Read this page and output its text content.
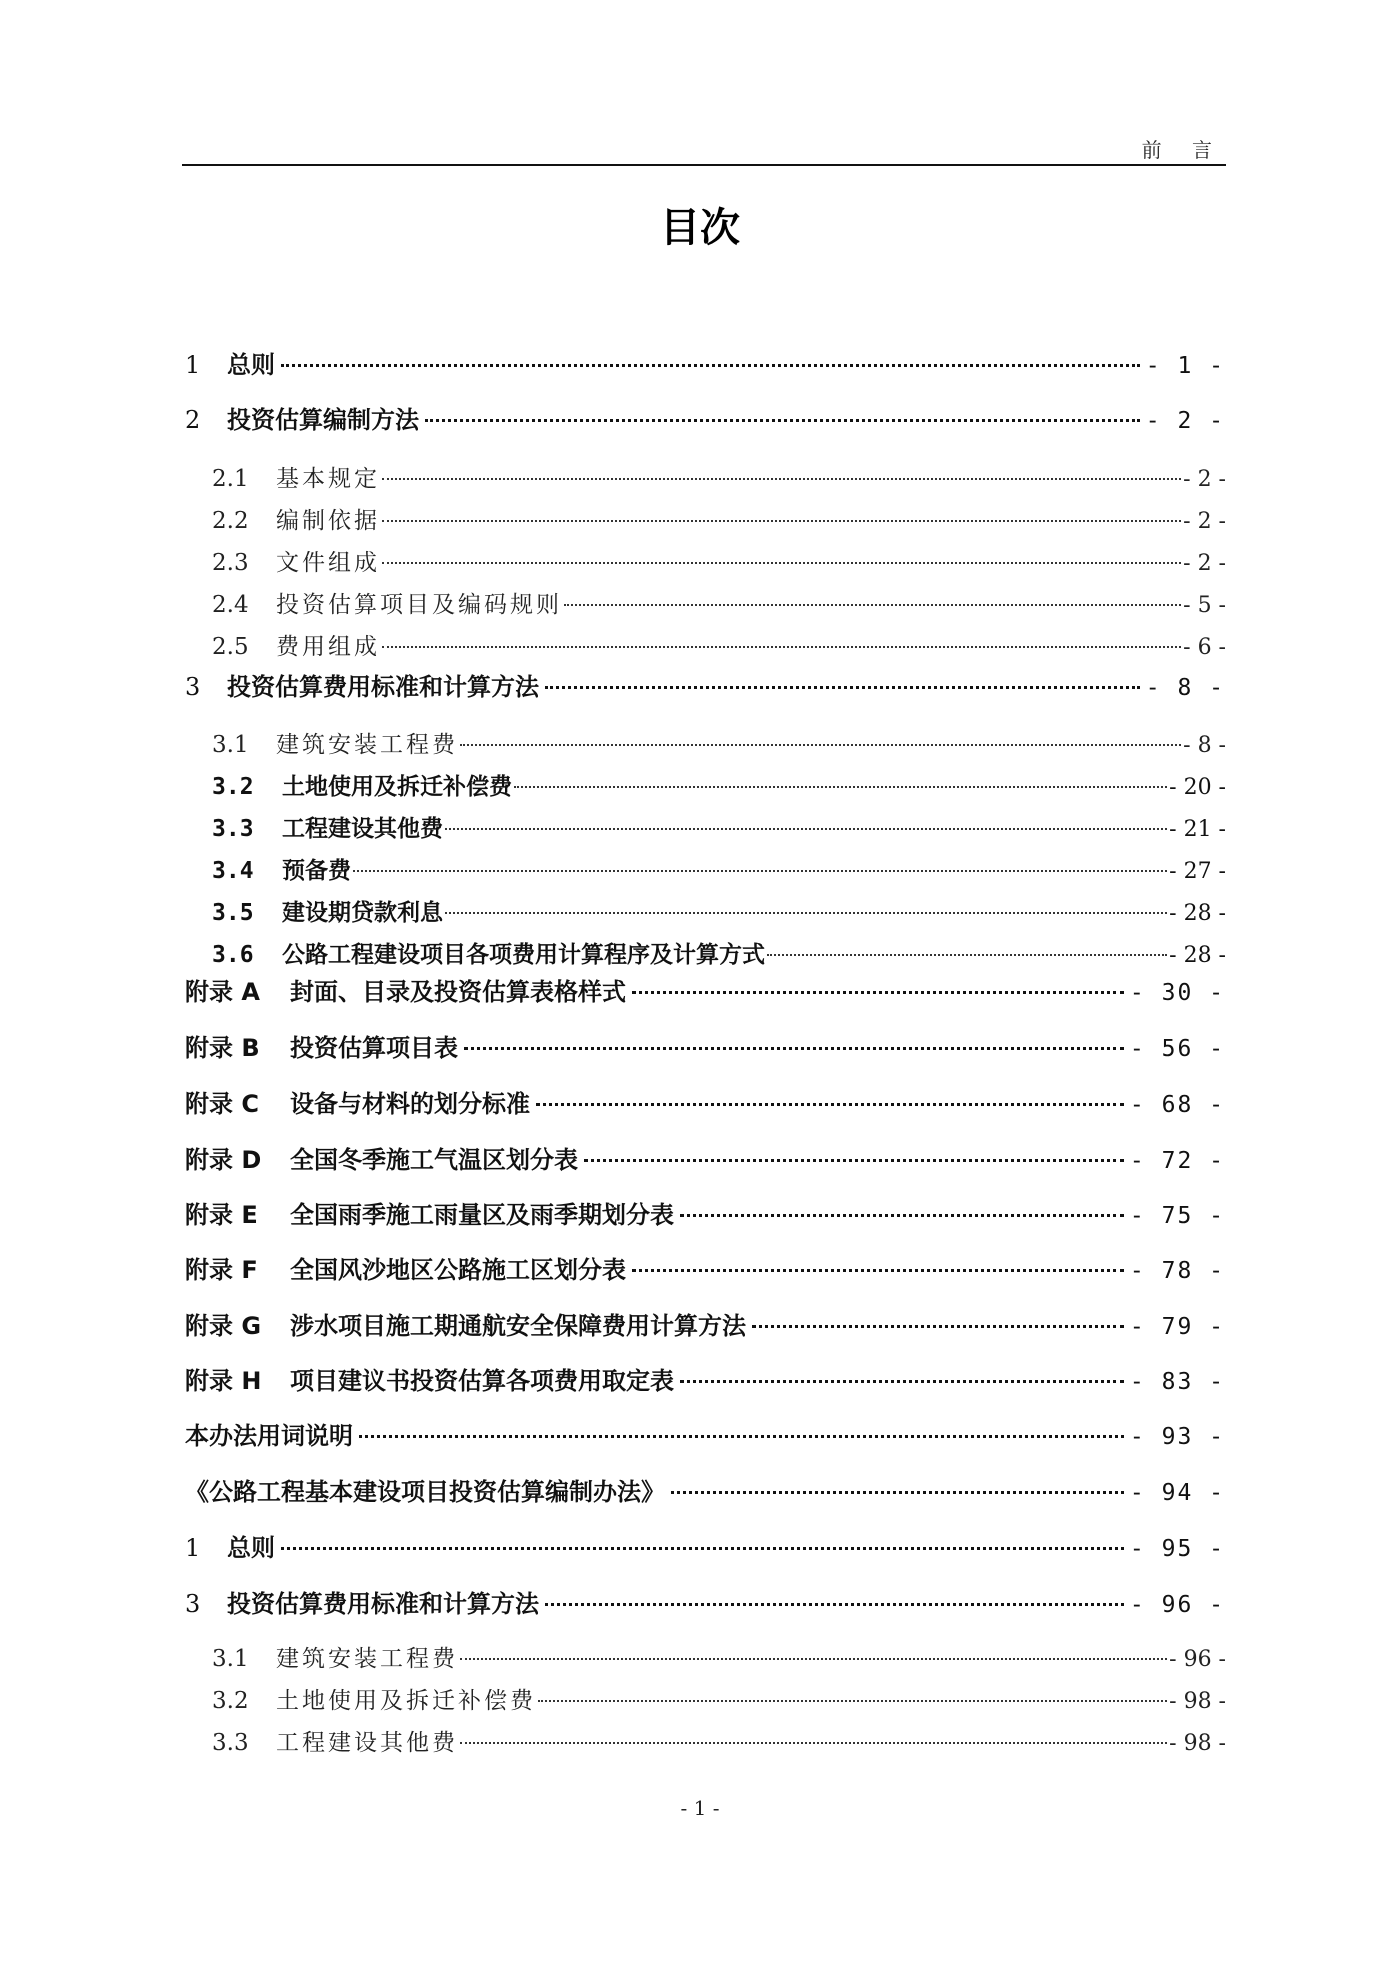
前 言
目次
1	总则	- 1 -
2	投资估算编制方法	- 2 -
2.1	基本规定	- 2 -
2.2	编制依据	- 2 -
2.3	文件组成	- 2 -
2.4	投资估算项目及编码规则	- 5 -
2.5	费用组成	- 6 -
3	投资估算费用标准和计算方法	- 8 -
3.1	建筑安装工程费	- 8 -
3.2	土地使用及拆迁补偿费	- 20 -
3.3	工程建设其他费	- 21 -
3.4	预备费	- 27 -
3.5	建设期贷款利息	- 28 -
3.6	公路工程建设项目各项费用计算程序及计算方式	- 28 -
附录 A	封面、目录及投资估算表格样式	- 30 -
附录 B	投资估算项目表	- 56 -
附录 C	设备与材料的划分标准	- 68 -
附录 D	全国冬季施工气温区划分表	- 72 -
附录 E	全国雨季施工雨量区及雨季期划分表	- 75 -
附录 F	全国风沙地区公路施工区划分表	- 78 -
附录 G	涉水项目施工期通航安全保障费用计算方法	- 79 -
附录 H	项目建议书投资估算各项费用取定表	- 83 -
本办法用词说明	- 93 -
《公路工程基本建设项目投资估算编制办法》	- 94 -
1	总则	- 95 -
3	投资估算费用标准和计算方法	- 96 -
3.1	建筑安装工程费	- 96 -
3.2	土地使用及拆迁补偿费	- 98 -
3.3	工程建设其他费	- 98 -
- 1 -
